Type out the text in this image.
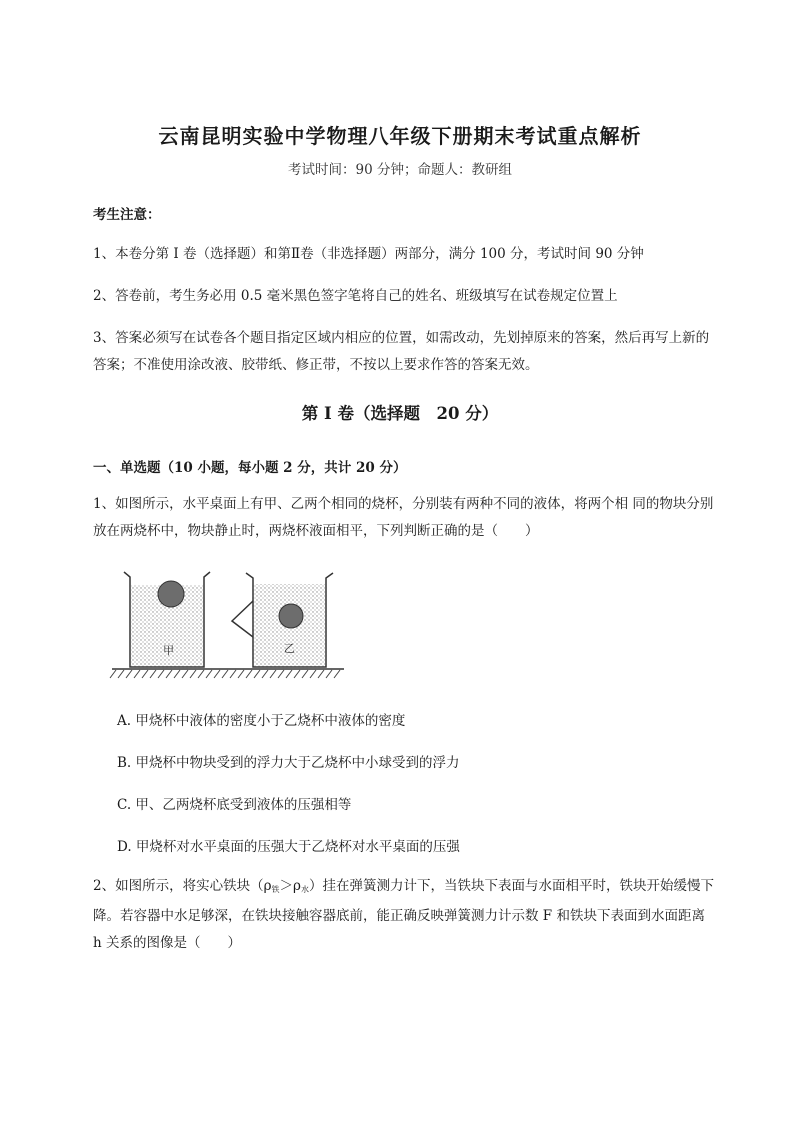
云南昆明实验中学物理八年级下册期末考试重点解析
考试时间：90 分钟；命题人：教研组
考生注意：
1、本卷分第 I 卷（选择题）和第Ⅱ卷（非选择题）两部分，满分 100 分，考试时间 90 分钟
2、答卷前，考生务必用 0.5 毫米黑色签字笔将自己的姓名、班级填写在试卷规定位置上
3、答案必须写在试卷各个题目指定区域内相应的位置，如需改动，先划掉原来的答案，然后再写上新的答案；不准使用涂改液、胶带纸、修正带，不按以上要求作答的答案无效。
第 I 卷（选择题　20 分）
一、单选题（10 小题，每小题 2 分，共计 20 分）
1、如图所示，水平桌面上有甲、乙两个相同的烧杯，分别装有两种不同的液体，将两个相 同的物块分别放在两烧杯中，物块静止时，两烧杯液面相平，下列判断正确的是（　　）
甲	乙
A. 甲烧杯中液体的密度小于乙烧杯中液体的密度
B. 甲烧杯中物块受到的浮力大于乙烧杯中小球受到的浮力
C. 甲、乙两烧杯底受到液体的压强相等
D. 甲烧杯对水平桌面的压强大于乙烧杯对水平桌面的压强
2、如图所示，将实心铁块$(\rho_铁>\rho_水)$挂在弹簧测力计下，当铁块下表面与水面相平时，铁块开始缓慢下降。若容器中水足够深，在铁块接触容器底前，能正确反映弹簧测力计示数 F 和铁块下表面到水面距离 h 关系的图像是（　　）
